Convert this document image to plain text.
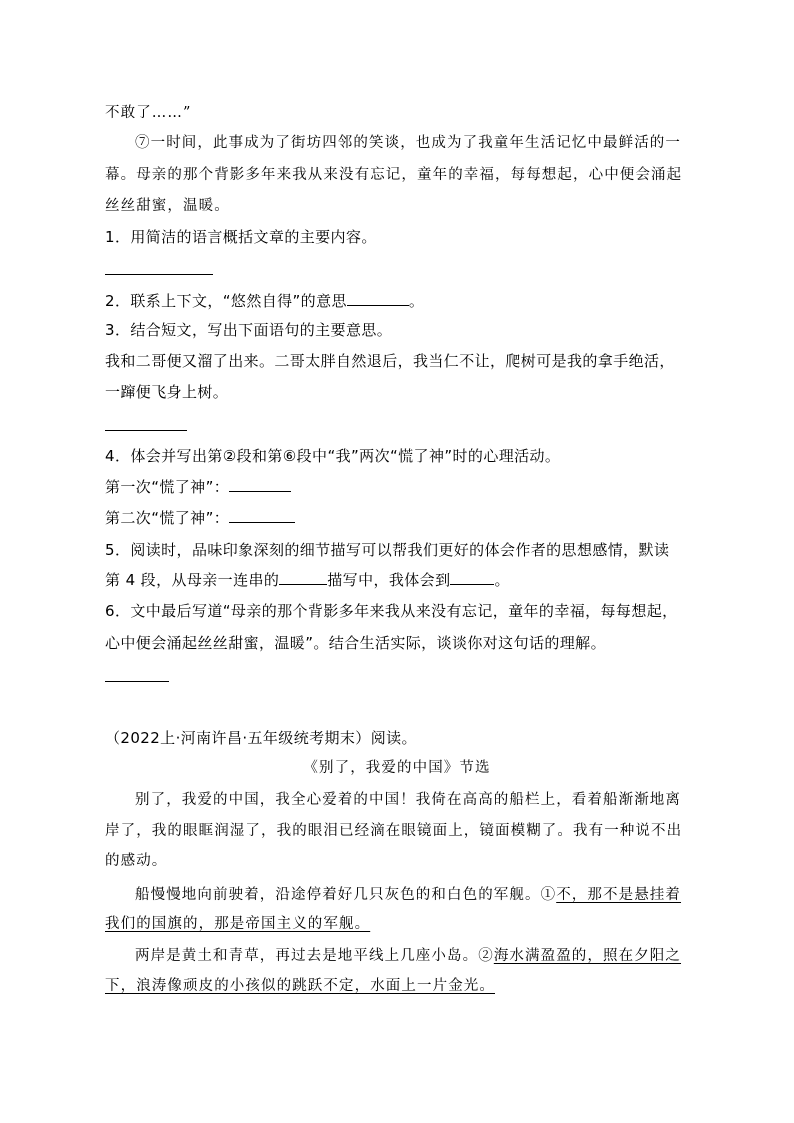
不敢了……”
⑦一时间，此事成为了街坊四邻的笑谈，也成为了我童年生活记忆中最鲜活的一
幕。母亲的那个背影多年来我从来没有忘记，童年的幸福，每每想起，心中便会涌起
丝丝甜蜜，温暖。
1．用简洁的语言概括文章的主要内容。
2．联系上下文，“悠然自得”的意思	。
3．结合短文，写出下面语句的主要意思。
我和二哥便又溜了出来。二哥太胖自然退后，我当仁不让，爬树可是我的拿手绝活，
一蹿便飞身上树。
4．体会并写出第②段和第⑥段中“我”两次“慌了神”时的心理活动。
第一次“慌了神”：
第二次“慌了神”：
5．阅读时，品味印象深刻的细节描写可以帮我们更好的体会作者的思想感情，默读
第 4 段，从母亲一连串的	描写中，我体会到	。
6．文中最后写道“母亲的那个背影多年来我从来没有忘记，童年的幸福，每每想起，
心中便会涌起丝丝甜蜜，温暖”。结合生活实际，谈谈你对这句话的理解。
（2022上·河南许昌·五年级统考期末）阅读。
《别了，我爱的中国》节选
别了，我爱的中国，我全心爱着的中国！我倚在高高的船栏上，看着船渐渐地离
岸了，我的眼眶润湿了，我的眼泪已经滴在眼镜面上，镜面模糊了。我有一种说不出
的感动。
船慢慢地向前驶着，沿途停着好几只灰色的和白色的军舰。①不，那不是悬挂着
我们的国旗的，那是帝国主义的军舰。
两岸是黄土和青草，再过去是地平线上几座小岛。②海水满盈盈的，照在夕阳之
下，浪涛像顽皮的小孩似的跳跃不定，水面上一片金光。
